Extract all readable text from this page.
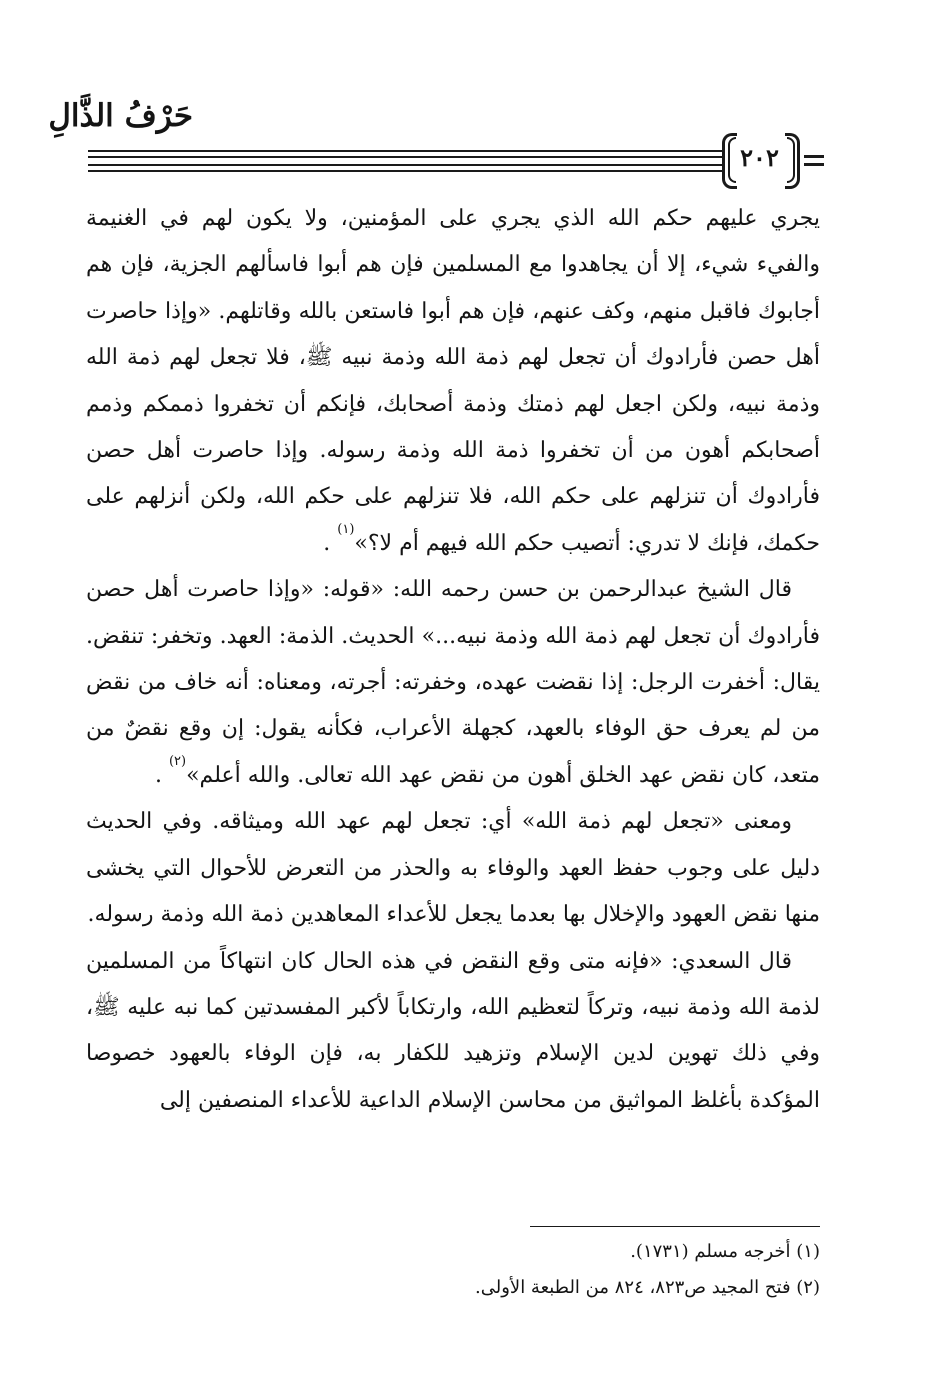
حَرْفُ الذَّالِ
٢٠٢

يجري عليهم حكم الله الذي يجري على المؤمنين، ولا يكون لهم في الغنيمة والفيء شيء، إلا أن يجاهدوا مع المسلمين فإن هم أبوا فاسألهم الجزية، فإن هم أجابوك فاقبل منهم، وكف عنهم، فإن هم أبوا فاستعن بالله وقاتلهم. «وإذا حاصرت أهل حصن فأرادوك أن تجعل لهم ذمة الله وذمة نبيه ﷺ، فلا تجعل لهم ذمة الله وذمة نبيه، ولكن اجعل لهم ذمتك وذمة أصحابك، فإنكم أن تخفروا ذممكم وذمم أصحابكم أهون من أن تخفروا ذمة الله وذمة رسوله. وإذا حاصرت أهل حصن فأرادوك أن تنزلهم على حكم الله، فلا تنزلهم على حكم الله، ولكن أنزلهم على حكمك، فإنك لا تدري: أتصيب حكم الله فيهم أم لا؟»$^{(١)}$ .

قال الشيخ عبدالرحمن بن حسن رحمه الله: «قوله: «وإذا حاصرت أهل حصن فأرادوك أن تجعل لهم ذمة الله وذمة نبيه...» الحديث. الذمة: العهد. وتخفر: تنقض. يقال: أخفرت الرجل: إذا نقضت عهده، وخفرته: أجرته، ومعناه: أنه خاف من نقض من لم يعرف حق الوفاء بالعهد، كجهلة الأعراب، فكأنه يقول: إن وقع نقضٌ من متعد، كان نقض عهد الخلق أهون من نقض عهد الله تعالى. والله أعلم»$^{(٢)}$ .

ومعنى «تجعل لهم ذمة الله» أي: تجعل لهم عهد الله وميثاقه. وفي الحديث دليل على وجوب حفظ العهد والوفاء به والحذر من التعرض للأحوال التي يخشى منها نقض العهود والإخلال بها بعدما يجعل للأعداء المعاهدين ذمة الله وذمة رسوله.

قال السعدي: «فإنه متى وقع النقض في هذه الحال كان انتهاكاً من المسلمين لذمة الله وذمة نبيه، وتركاً لتعظيم الله، وارتكاباً لأكبر المفسدتين كما نبه عليه ﷺ، وفي ذلك تهوين لدين الإسلام وتزهيد للكفار به، فإن الوفاء بالعهود خصوصا المؤكدة بأغلظ المواثيق من محاسن الإسلام الداعية للأعداء المنصفين إلى

(١) أخرجه مسلم (١٧٣١).

(٢) فتح المجيد ص٨٢٣، ٨٢٤ من الطبعة الأولى.
